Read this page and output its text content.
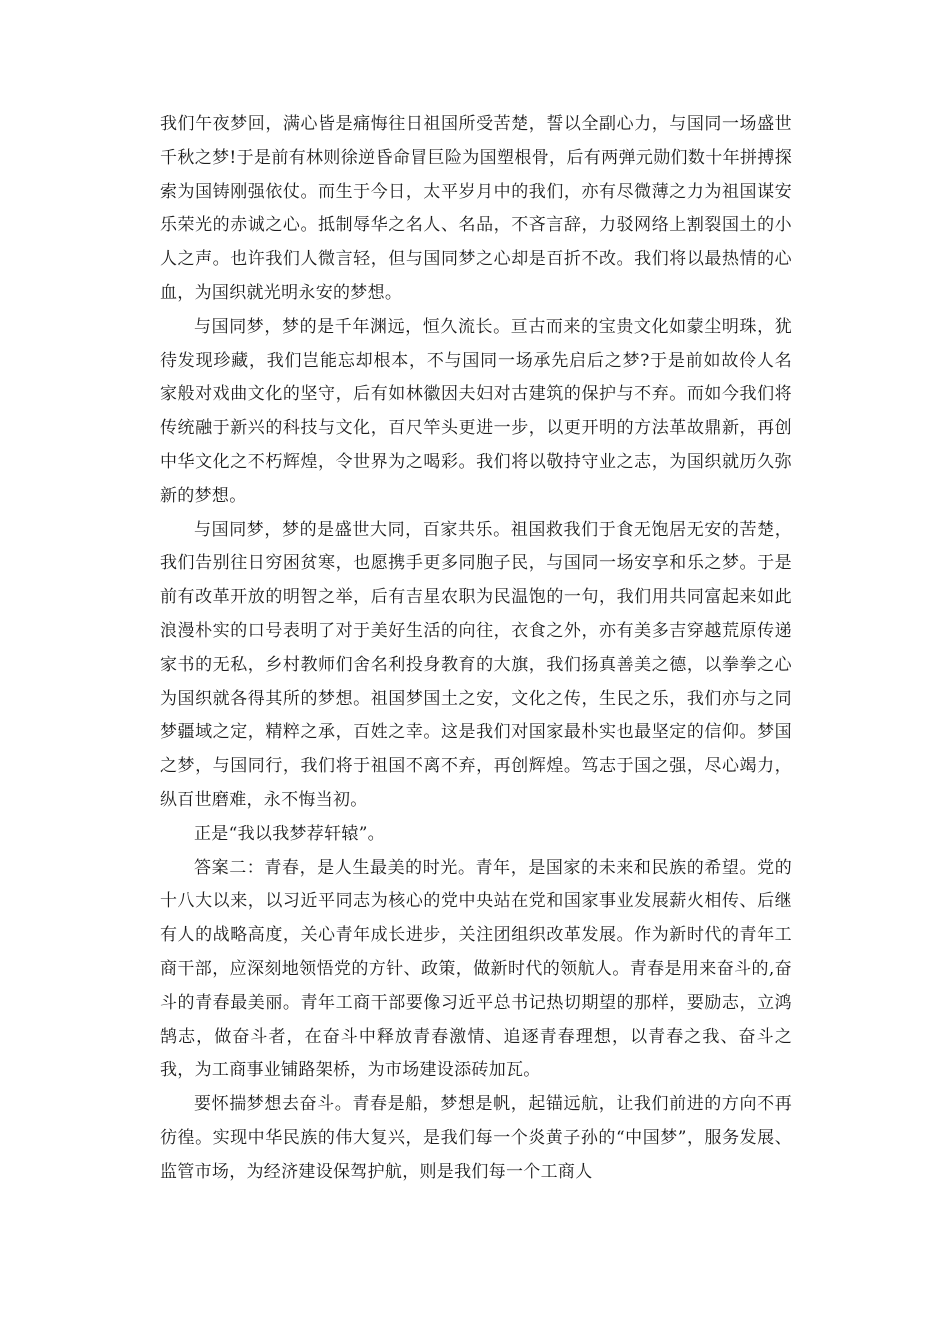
我们午夜梦回，满心皆是痛悔往日祖国所受苦楚，誓以全副心力，与国同一场盛世千秋之梦!于是前有林则徐逆昏命冒巨险为国塑根骨，后有两弹元勋们数十年拼搏探索为国铸刚强依仗。而生于今日，太平岁月中的我们，亦有尽微薄之力为祖国谋安乐荣光的赤诚之心。抵制辱华之名人、名品，不吝言辞，力驳网络上割裂国土的小人之声。也许我们人微言轻，但与国同梦之心却是百折不改。我们将以最热情的心血，为国织就光明永安的梦想。

与国同梦，梦的是千年渊远，恒久流长。亘古而来的宝贵文化如蒙尘明珠，犹待发现珍藏，我们岂能忘却根本，不与国同一场承先启后之梦?于是前如故伶人名家般对戏曲文化的坚守，后有如林徽因夫妇对古建筑的保护与不弃。而如今我们将传统融于新兴的科技与文化，百尺竿头更进一步，以更开明的方法革故鼎新，再创中华文化之不朽辉煌，令世界为之喝彩。我们将以敬持守业之志，为国织就历久弥新的梦想。

与国同梦，梦的是盛世大同，百家共乐。祖国救我们于食无饱居无安的苦楚，我们告别往日穷困贫寒，也愿携手更多同胞子民，与国同一场安享和乐之梦。于是前有改革开放的明智之举，后有吉星农职为民温饱的一句，我们用共同富起来如此浪漫朴实的口号表明了对于美好生活的向往，衣食之外，亦有美多吉穿越荒原传递家书的无私，乡村教师们舍名利投身教育的大旗，我们扬真善美之德，以拳拳之心为国织就各得其所的梦想。祖国梦国土之安，文化之传，生民之乐，我们亦与之同梦疆域之定，精粹之承，百姓之幸。这是我们对国家最朴实也最坚定的信仰。梦国之梦，与国同行，我们将于祖国不离不弃，再创辉煌。笃志于国之强，尽心竭力，纵百世磨难，永不悔当初。

正是“我以我梦荐轩辕”。

答案二：青春，是人生最美的时光。青年，是国家的未来和民族的希望。党的十八大以来，以习近平同志为核心的党中央站在党和国家事业发展薪火相传、后继有人的战略高度，关心青年成长进步，关注团组织改革发展。作为新时代的青年工商干部，应深刻地领悟党的方针、政策，做新时代的领航人。青春是用来奋斗的,奋斗的青春最美丽。青年工商干部要像习近平总书记热切期望的那样，要励志，立鸿鹄志，做奋斗者，在奋斗中释放青春激情、追逐青春理想，以青春之我、奋斗之我，为工商事业铺路架桥，为市场建设添砖加瓦。

要怀揣梦想去奋斗。青春是船，梦想是帆，起锚远航，让我们前进的方向不再彷徨。实现中华民族的伟大复兴，是我们每一个炎黄子孙的“中国梦”，服务发展、监管市场，为经济建设保驾护航，则是我们每一个工商人
